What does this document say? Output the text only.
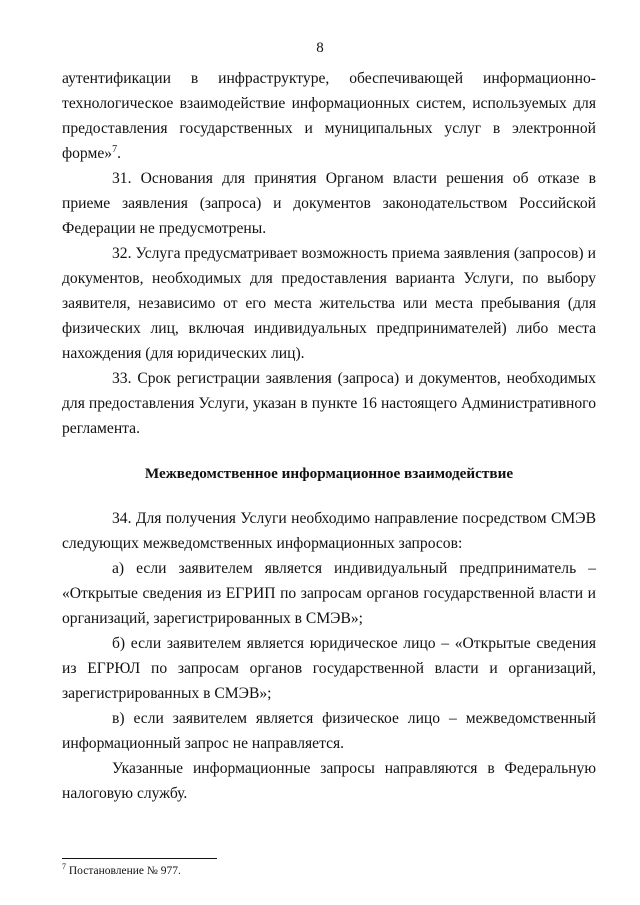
8

аутентификации в инфраструктуре, обеспечивающей информационно-технологическое взаимодействие информационных систем, используемых для предоставления государственных и муниципальных услуг в электронной форме»$^7$.

31. Основания для принятия Органом власти решения об отказе в приеме заявления (запроса) и документов законодательством Российской Федерации не предусмотрены.

32. Услуга предусматривает возможность приема заявления (запросов) и документов, необходимых для предоставления варианта Услуги, по выбору заявителя, независимо от его места жительства или места пребывания (для физических лиц, включая индивидуальных предпринимателей) либо места нахождения (для юридических лиц).

33. Срок регистрации заявления (запроса) и документов, необходимых для предоставления Услуги, указан в пункте 16 настоящего Административного регламента.

Межведомственное информационное взаимодействие

34. Для получения Услуги необходимо направление посредством СМЭВ следующих межведомственных информационных запросов:

а) если заявителем является индивидуальный предприниматель – «Открытые сведения из ЕГРИП по запросам органов государственной власти и организаций, зарегистрированных в СМЭВ»;

б) если заявителем является юридическое лицо – «Открытые сведения из ЕГРЮЛ по запросам органов государственной власти и организаций, зарегистрированных в СМЭВ»;

в) если заявителем является физическое лицо – межведомственный информационный запрос не направляется.

Указанные информационные запросы направляются в Федеральную налоговую службу.

$^7$ Постановление № 977.
